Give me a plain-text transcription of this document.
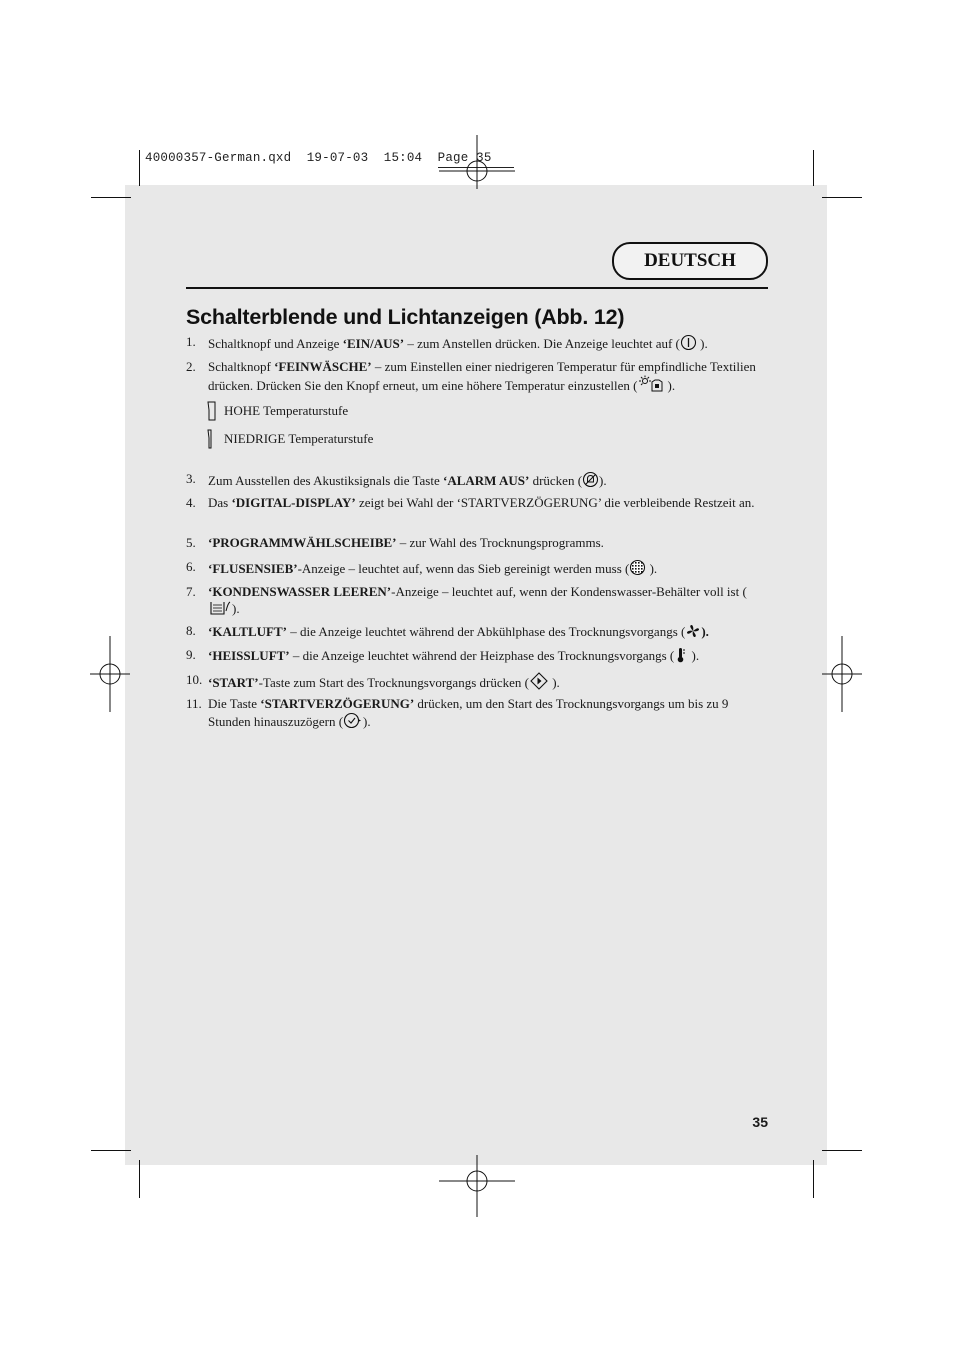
40000357-German.qxd  19-07-03  15:04  Page 35
DEUTSCH
Schalterblende und Lichtanzeigen (Abb. 12)
1. Schaltknopf und Anzeige ‘EIN/AUS’ – zum Anstellen drücken. Die Anzeige leuchtet auf ( ).
2. Schaltknopf ‘FEINWÄSCHE’ – zum Einstellen einer niedrigeren Temperatur für empfindliche Textilien drücken. Drücken Sie den Knopf erneut, um eine höhere Temperatur einzustellen ( ).
HOHE Temperaturstufe
NIEDRIGE Temperaturstufe
3. Zum Ausstellen des Akustiksignals die Taste ‘ALARM AUS’ drücken ( ).
4. Das ‘DIGITAL-DISPLAY’ zeigt bei Wahl der ‘STARTVERZÖGERUNG’ die verbleibende Restzeit an.
5. ‘PROGRAMMWÄHLSCHEIBE’ – zur Wahl des Trocknungsprogramms.
6. ‘FLUSENSIEB’-Anzeige – leuchtet auf, wenn das Sieb gereinigt werden muss ( ).
7. ‘KONDENSWASSER LEEREN’-Anzeige – leuchtet auf, wenn der Kondenswasser-Behälter voll ist ().
8. ‘KALTLUFT’ – die Anzeige leuchtet während der Abkühlphase des Trocknungsvorgangs ( ).
9. ‘HEISSLUFT’ – die Anzeige leuchtet während der Heizphase des Trocknungsvorgangs ( ).
10. ‘START’-Taste zum Start des Trocknungsvorgangs drücken ( ).
11. Die Taste ‘STARTVERZÖGERUNG’ drücken, um den Start des Trocknungsvorgangs um bis zu 9 Stunden hinauszuzögern ( ).
35
